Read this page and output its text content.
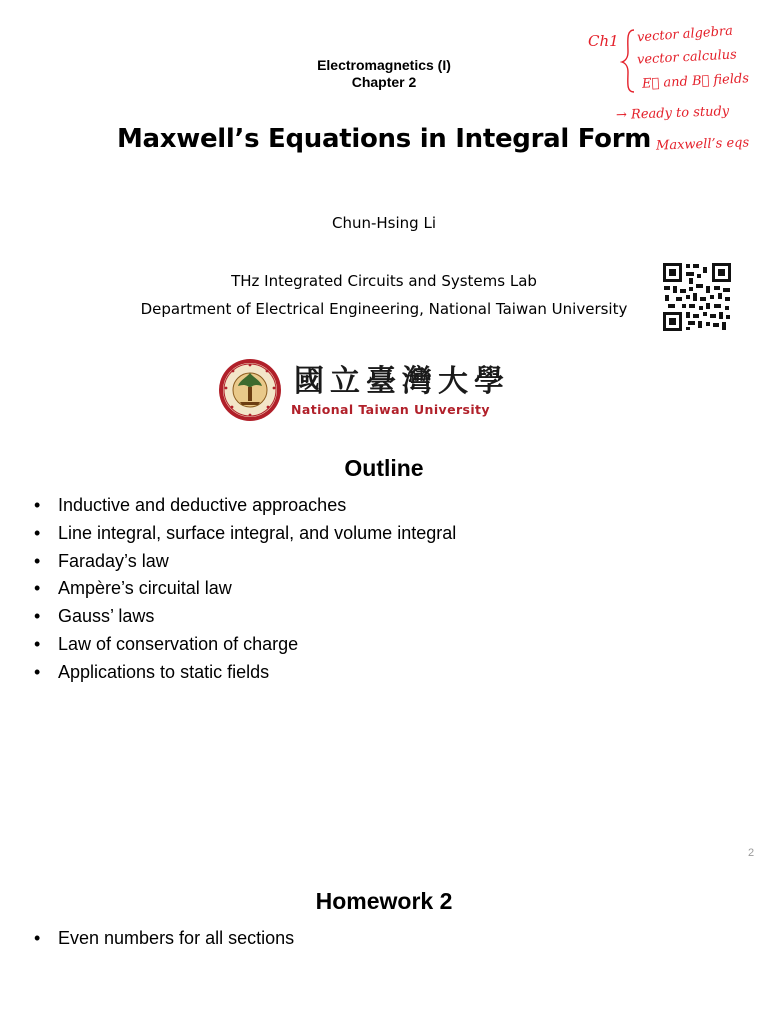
Electromagnetics (I)
Chapter 2
Maxwell’s Equations in Integral Form
Chun-Hsing Li
THz Integrated Circuits and Systems Lab
Department of Electrical Engineering, National Taiwan University
國立臺灣大學
National Taiwan University
Ch1 vector algebra
vector calculus
E⃗ and B⃗ fields
→ Ready to study
Maxwell’s eqs
Outline
• Inductive and deductive approaches
• Line integral, surface integral, and volume integral
• Faraday’s law
• Ampère’s circuital law
• Gauss’ laws
• Law of conservation of charge
• Applications to static fields
2
Homework 2
• Even numbers for all sections
